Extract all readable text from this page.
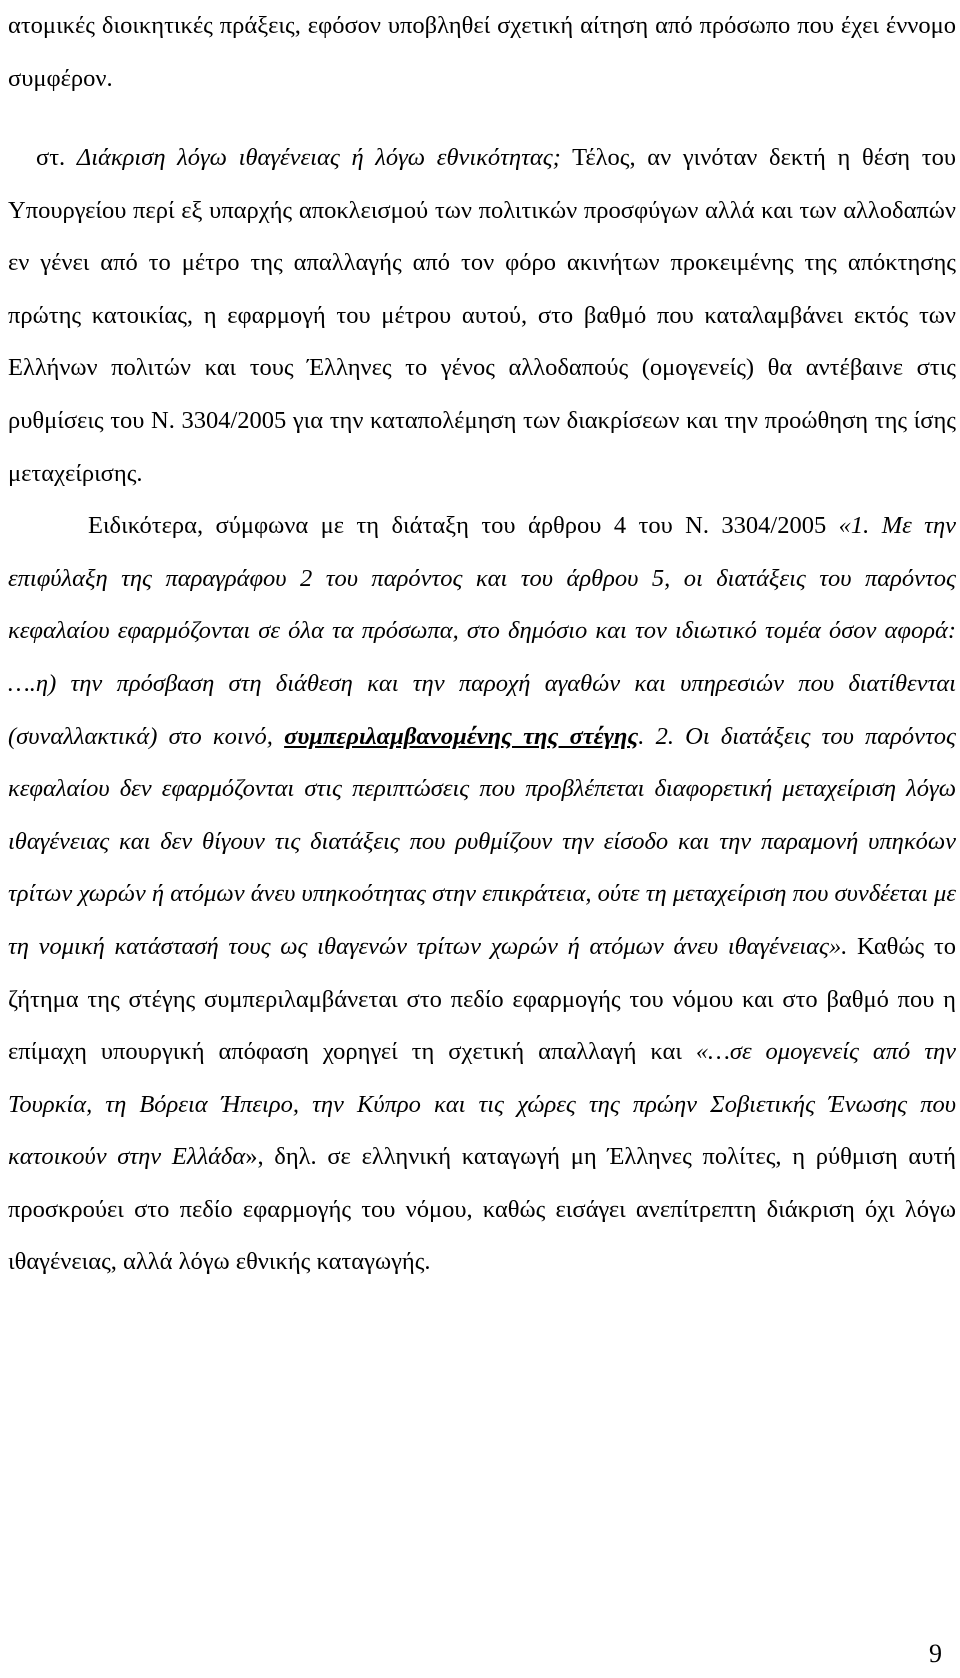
ατομικές διοικητικές πράξεις, εφόσον υποβληθεί σχετική αίτηση από πρόσωπο που έχει έννομο συμφέρον.
στ. Διάκριση λόγω ιθαγένειας ή λόγω εθνικότητας; Τέλος, αν γινόταν δεκτή η θέση του Υπουργείου περί εξ υπαρχής αποκλεισμού των πολιτικών προσφύγων αλλά και των αλλοδαπών εν γένει από το μέτρο της απαλλαγής από τον φόρο ακινήτων προκειμένης της απόκτησης πρώτης κατοικίας, η εφαρμογή του μέτρου αυτού, στο βαθμό που καταλαμβάνει εκτός των Ελλήνων πολιτών και τους Έλληνες το γένος αλλοδαπούς (ομογενείς) θα αντέβαινε στις ρυθμίσεις του Ν. 3304/2005 για την καταπολέμηση των διακρίσεων και την προώθηση της ίσης μεταχείρισης.
Ειδικότερα, σύμφωνα με τη διάταξη του άρθρου 4 του Ν. 3304/2005 «1. Με την επιφύλαξη της παραγράφου 2 του παρόντος και του άρθρου 5, οι διατάξεις του παρόντος κεφαλαίου εφαρμόζονται σε όλα τα πρόσωπα, στο δημόσιο και τον ιδιωτικό τομέα όσον αφορά: ….η) την πρόσβαση στη διάθεση και την παροχή αγαθών και υπηρεσιών που διατίθενται (συναλλακτικά) στο κοινό, συμπεριλαμβανομένης της στέγης. 2. Οι διατάξεις του παρόντος κεφαλαίου δεν εφαρμόζονται στις περιπτώσεις που προβλέπεται διαφορετική μεταχείριση λόγω ιθαγένειας και δεν θίγουν τις διατάξεις που ρυθμίζουν την είσοδο και την παραμονή υπηκόων τρίτων χωρών ή ατόμων άνευ υπηκοότητας στην επικράτεια, ούτε τη μεταχείριση που συνδέεται με τη νομική κατάστασή τους ως ιθαγενών τρίτων χωρών ή ατόμων άνευ ιθαγένειας». Καθώς το ζήτημα της στέγης συμπεριλαμβάνεται στο πεδίο εφαρμογής του νόμου και στο βαθμό που η επίμαχη υπουργική απόφαση χορηγεί τη σχετική απαλλαγή και «…σε ομογενείς από την Τουρκία, τη Βόρεια Ήπειρο, την Κύπρο και τις χώρες της πρώην Σοβιετικής Ένωσης που κατοικούν στην Ελλάδα», δηλ. σε ελληνική καταγωγή μη Έλληνες πολίτες, η ρύθμιση αυτή προσκρούει στο πεδίο εφαρμογής του νόμου, καθώς εισάγει ανεπίτρεπτη διάκριση όχι λόγω ιθαγένειας, αλλά λόγω εθνικής καταγωγής.
9
